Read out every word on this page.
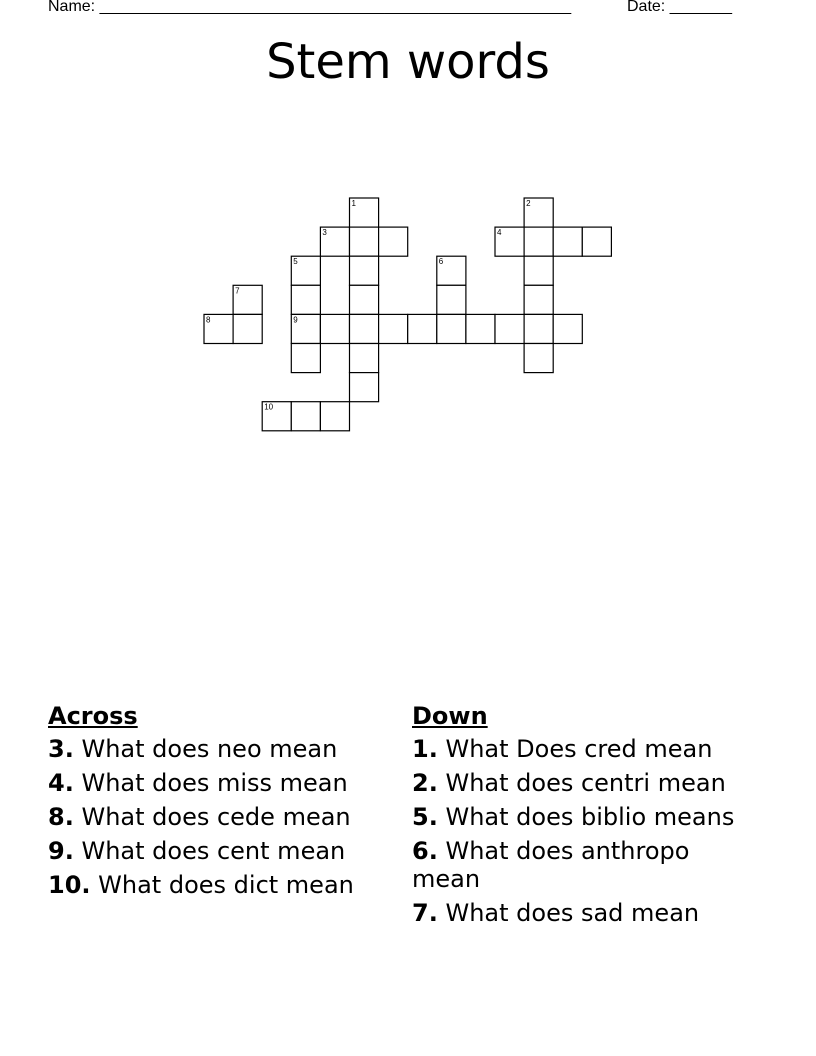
Name: _____________________________________________________	Date: _______
Stem words
1	2
3	4
5	6
7
8	9
10
Across
3. What does neo mean
4. What does miss mean
8. What does cede mean
9. What does cent mean
10. What does dict mean
Down
1. What Does cred mean
2. What does centri mean
5. What does biblio means
6. What does anthropo mean
7. What does sad mean
